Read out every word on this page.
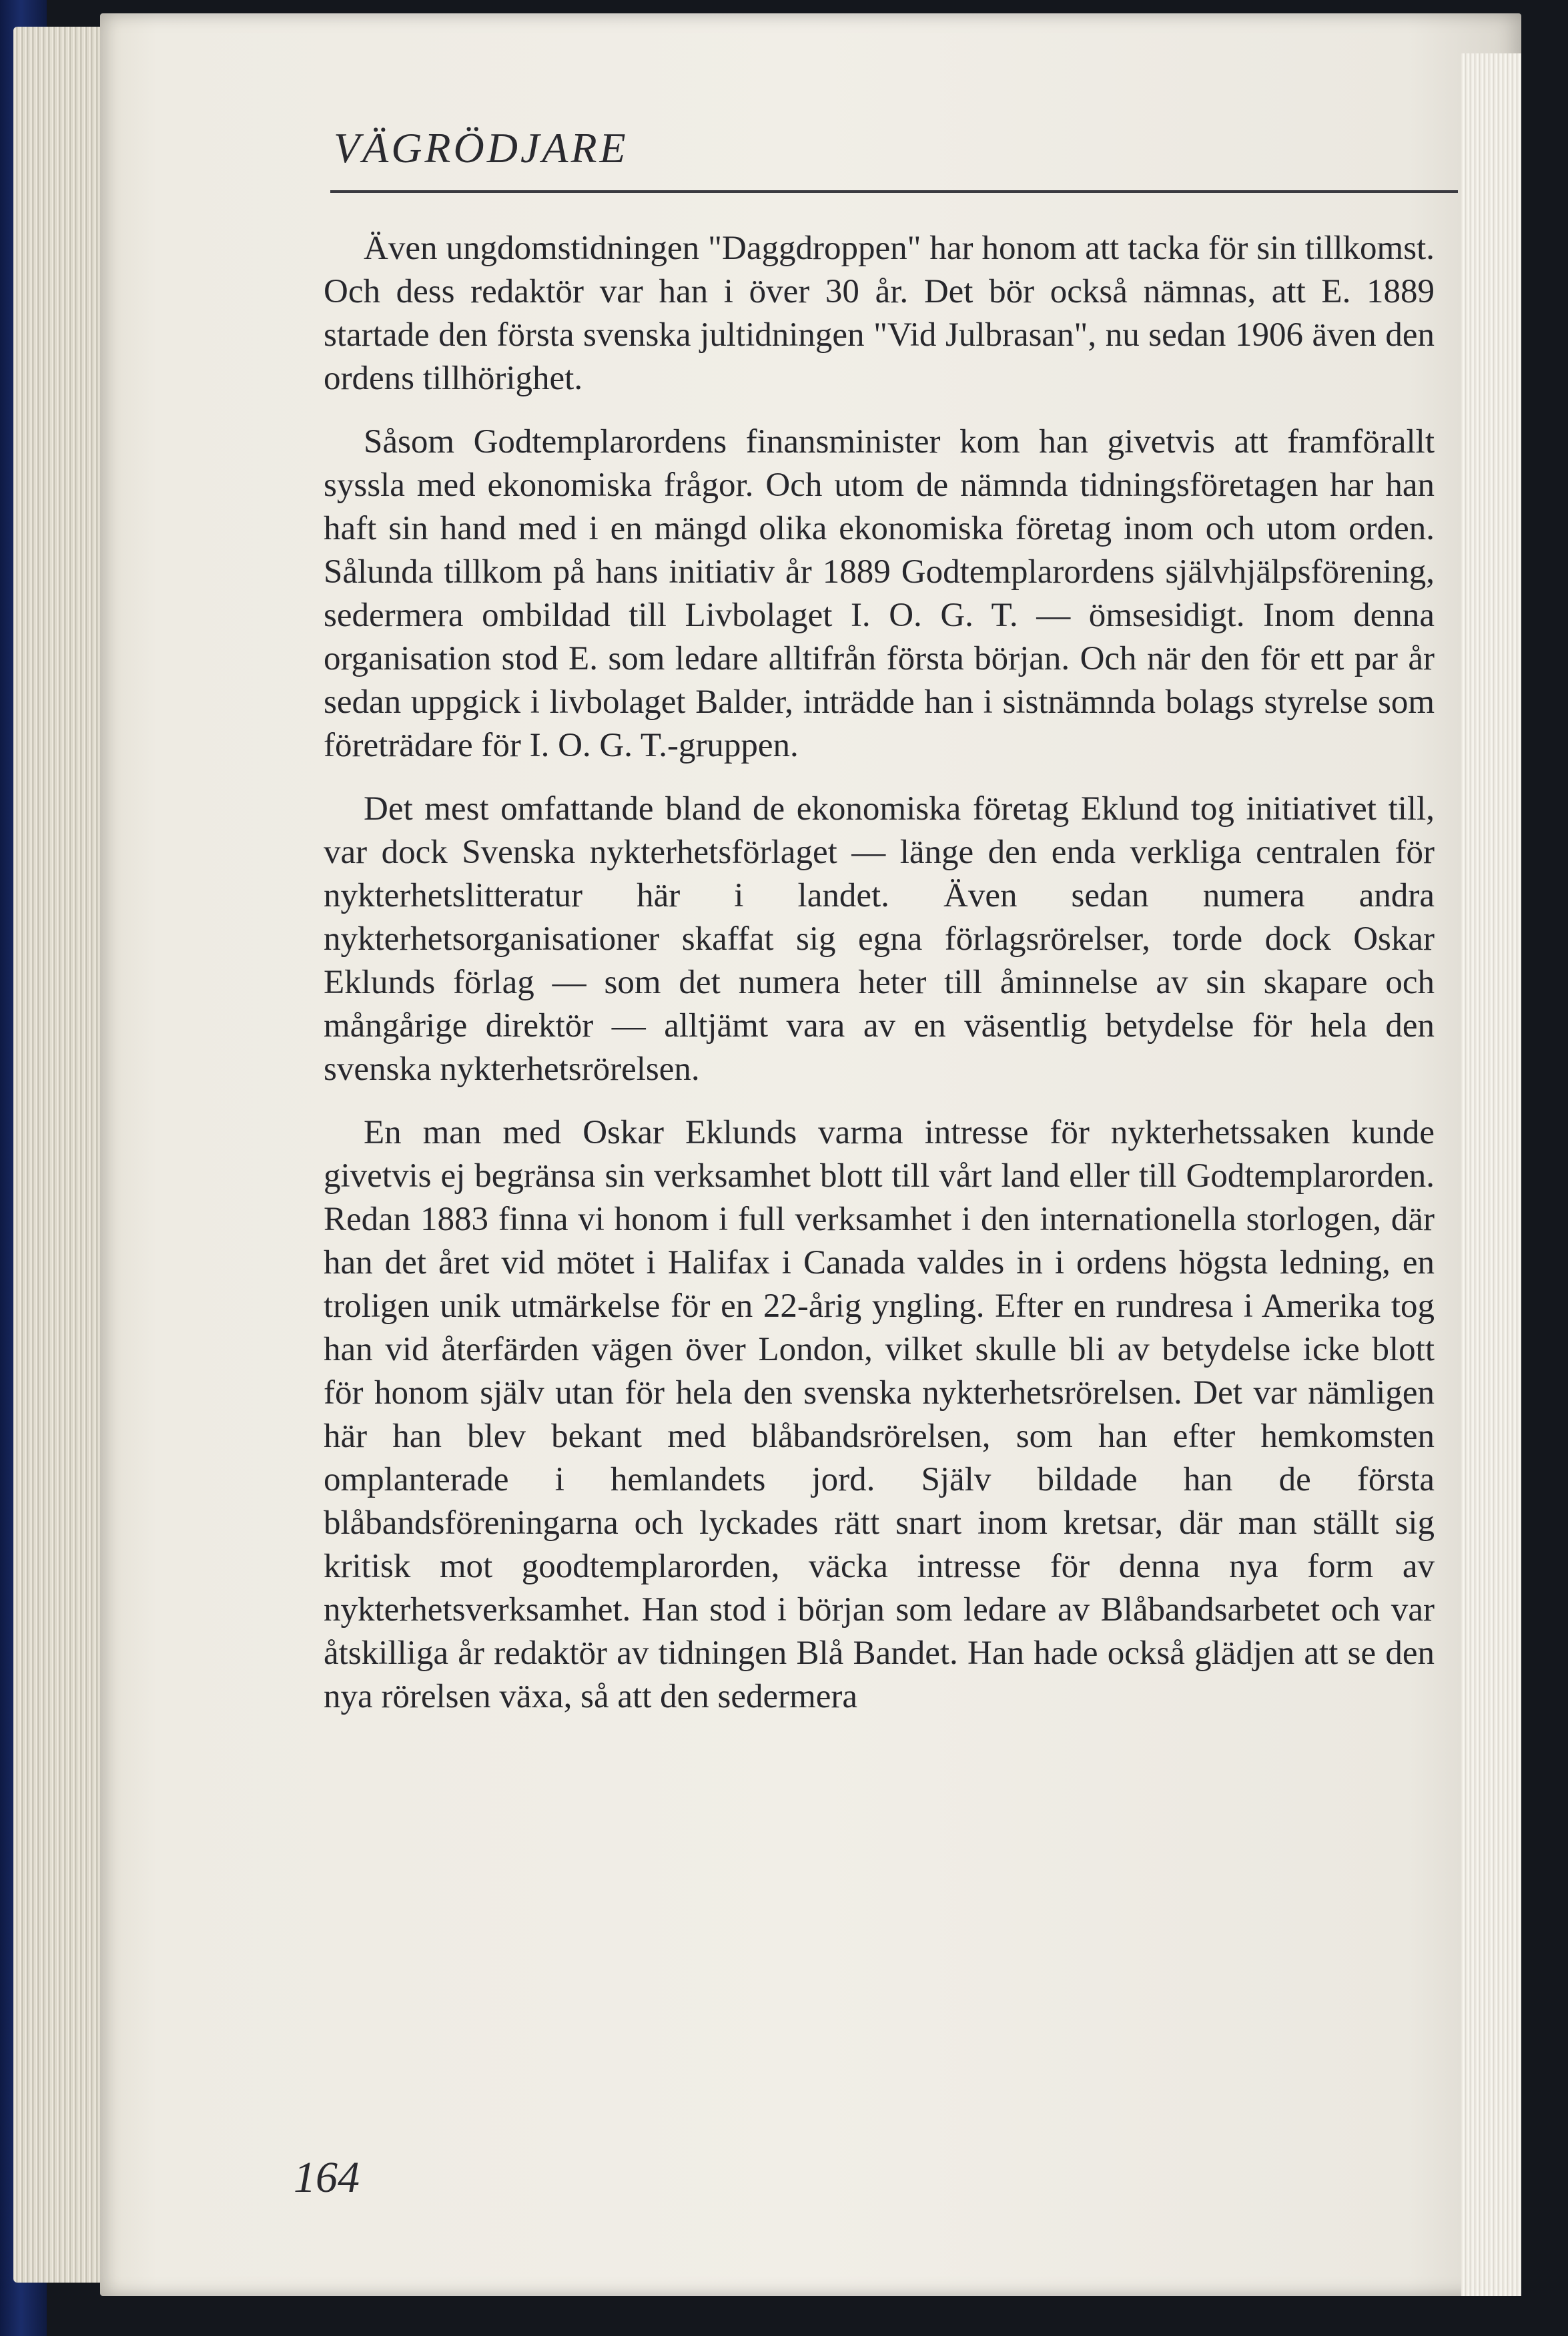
VÄGRÖDJARE

Även ungdomstidningen "Daggdroppen" har honom att tacka för sin tillkomst. Och dess redaktör var han i över 30 år. Det bör också nämnas, att E. 1889 startade den första svenska jultidningen "Vid Julbrasan", nu sedan 1906 även den ordens tillhörighet.

Såsom Godtemplarordens finansminister kom han givetvis att framförallt syssla med ekonomiska frågor. Och utom de nämnda tidningsföretagen har han haft sin hand med i en mängd olika ekonomiska företag inom och utom orden. Sålunda tillkom på hans initiativ år 1889 Godtemplarordens självhjälpsförening, sedermera ombildad till Livbolaget I. O. G. T. — ömsesidigt. Inom denna organisation stod E. som ledare alltifrån första början. Och när den för ett par år sedan uppgick i livbolaget Balder, inträdde han i sistnämnda bolags styrelse som företrädare för I. O. G. T.-gruppen.

Det mest omfattande bland de ekonomiska företag Eklund tog initiativet till, var dock Svenska nykterhetsförlaget — länge den enda verkliga centralen för nykterhetslitteratur här i landet. Även sedan numera andra nykterhetsorganisationer skaffat sig egna förlagsrörelser, torde dock Oskar Eklunds förlag — som det numera heter till åminnelse av sin skapare och mångårige direktör — alltjämt vara av en väsentlig betydelse för hela den svenska nykterhetsrörelsen.

En man med Oskar Eklunds varma intresse för nykterhetssaken kunde givetvis ej begränsa sin verksamhet blott till vårt land eller till Godtemplarorden. Redan 1883 finna vi honom i full verksamhet i den internationella storlogen, där han det året vid mötet i Halifax i Canada valdes in i ordens högsta ledning, en troligen unik utmärkelse för en 22-årig yngling. Efter en rundresa i Amerika tog han vid återfärden vägen över London, vilket skulle bli av betydelse icke blott för honom själv utan för hela den svenska nykterhetsrörelsen. Det var nämligen här han blev bekant med blåbandsrörelsen, som han efter hemkomsten omplanterade i hemlandets jord. Själv bildade han de första blåbandsföreningarna och lyckades rätt snart inom kretsar, där man ställt sig kritisk mot goodtemplarorden, väcka intresse för denna nya form av nykterhetsverksamhet. Han stod i början som ledare av Blåbandsarbetet och var åtskilliga år redaktör av tidningen Blå Bandet. Han hade också glädjen att se den nya rörelsen växa, så att den sedermera

164
